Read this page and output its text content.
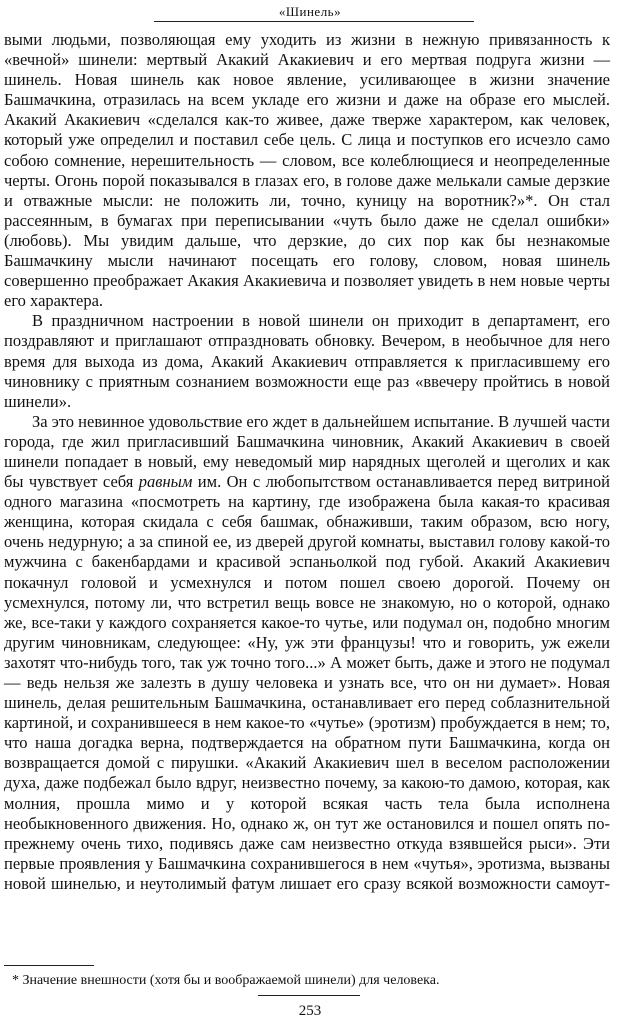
«Шинель»

выми людьми, позволяющая ему уходить из жизни в нежную привязанность к «вечной» шинели: мертвый Акакий Акакиевич и его мертвая подруга жизни — шинель. Новая шинель как новое явление, усиливающее в жизни значение Башмачкина, отразилась на всем укладе его жизни и даже на образе его мыслей. Акакий Акакиевич «сделался как-то живее, даже тверже характером, как человек, который уже определил и поставил себе цель. С лица и поступков его исчезло само собою сомнение, нерешительность — словом, все колеблющиеся и неопределенные черты. Огонь порой показывался в глазах его, в голове даже мелькали самые дерзкие и отважные мысли: не положить ли, точно, куницу на воротник?»*. Он стал рассеянным, в бумагах при переписывании «чуть было даже не сделал ошибки» (любовь). Мы увидим дальше, что дерзкие, до сих пор как бы незнакомые Башмачкину мысли начинают посещать его голову, словом, новая шинель совершенно преображает Акакия Акакиевича и позволяет увидеть в нем новые черты его характера.

В праздничном настроении в новой шинели он приходит в департамент, его поздравляют и приглашают отпраздновать обновку. Вечером, в необычное для него время для выхода из дома, Акакий Акакиевич отправляется к пригласившему его чиновнику с приятным сознанием возможности еще раз «ввечеру пройтись в новой шинели».

За это невинное удовольствие его ждет в дальнейшем испытание. В лучшей части города, где жил пригласивший Башмачкина чиновник, Акакий Акакиевич в своей шинели попадает в новый, ему неведомый мир нарядных щеголей и щеголих и как бы чувствует себя равным им. Он с любопытством останавливается перед витриной одного магазина «посмотреть на картину, где изображена была какая-то красивая женщина, которая скидала с себя башмак, обнаживши, таким образом, всю ногу, очень недурную; а за спиной ее, из дверей другой комнаты, выставил голову какой-то мужчина с бакенбардами и красивой эспаньолкой под губой. Акакий Акакиевич покачнул головой и усмехнулся и потом пошел своею дорогой. Почему он усмехнулся, потому ли, что встретил вещь вовсе не знакомую, но о которой, однако же, все-таки у каждого сохраняется какое-то чутье, или подумал он, подобно многим другим чиновникам, следующее: «Ну, уж эти французы! что и говорить, уж ежели захотят что-нибудь того, так уж точно того...» А может быть, даже и этого не подумал — ведь нельзя же залезть в душу человека и узнать все, что он ни думает». Новая шинель, делая решительным Башмачкина, останавливает его перед соблазнительной картиной, и сохранившееся в нем какое-то «чутье» (эротизм) пробуждается в нем; то, что наша догадка верна, подтверждается на обратном пути Башмачкина, когда он возвращается домой с пирушки. «Акакий Акакиевич шел в веселом расположении духа, даже подбежал было вдруг, неизвестно почему, за какою-то дамою, которая, как молния, прошла мимо и у которой всякая часть тела была исполнена необыкновенного движения. Но, однако ж, он тут же остановился и пошел опять по-прежнему очень тихо, подивясь даже сам неизвестно откуда взявшейся рыси». Эти первые проявления у Башмачкина сохранившегося в нем «чутья», эротизма, вызваны новой шинелью, и неутолимый фатум лишает его сразу всякой возможности самоут-

* Значение внешности (хотя бы и воображаемой шинели) для человека.
253
